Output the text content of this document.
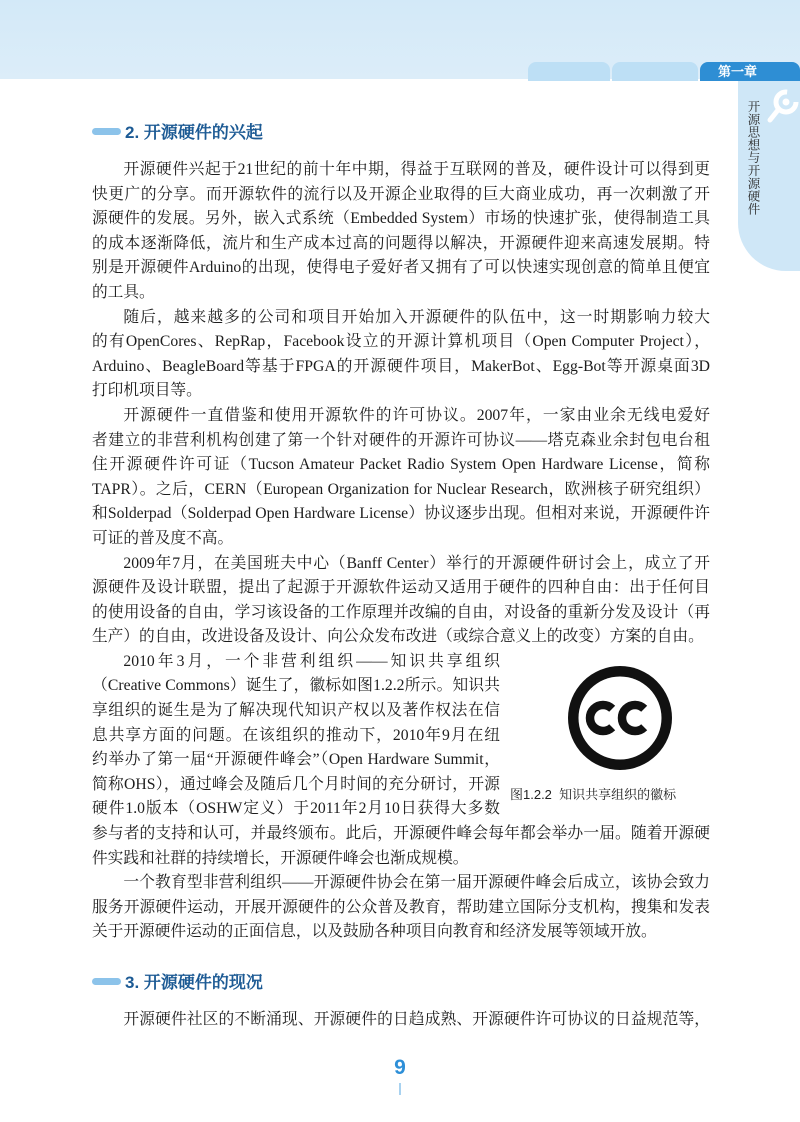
第一章
开源思想与开源硬件
2. 开源硬件的兴起

开源硬件兴起于21世纪的前十年中期，得益于互联网的普及，硬件设计可以得到更
快更广的分享。而开源软件的流行以及开源企业取得的巨大商业成功，再一次刺激了开
源硬件的发展。另外，嵌入式系统（Embedded System）市场的快速扩张，使得制造工具
的成本逐渐降低，流片和生产成本过高的问题得以解决，开源硬件迎来高速发展期。特
别是开源硬件Arduino的出现，使得电子爱好者又拥有了可以快速实现创意的简单且便宜
的工具。

随后，越来越多的公司和项目开始加入开源硬件的队伍中，这一时期影响力较大
的有OpenCores、RepRap，Facebook设立的开源计算机项目（Open Computer Project），
Arduino、BeagleBoard等基于FPGA的开源硬件项目，MakerBot、Egg-Bot等开源桌面3D
打印机项目等。

开源硬件一直借鉴和使用开源软件的许可协议。2007年，一家由业余无线电爱好
者建立的非营利机构创建了第一个针对硬件的开源许可协议——塔克森业余封包电台租
住开源硬件许可证（Tucson Amateur Packet Radio System Open Hardware License，简称
TAPR）。之后，CERN（European Organization for Nuclear Research，欧洲核子研究组织）
和Solderpad（Solderpad Open Hardware License）协议逐步出现。但相对来说，开源硬件许
可证的普及度不高。

2009年7月，在美国班夫中心（Banff Center）举行的开源硬件研讨会上，成立了开
源硬件及设计联盟，提出了起源于开源软件运动又适用于硬件的四种自由：出于任何目
的使用设备的自由，学习该设备的工作原理并改编的自由，对设备的重新分发及设计（再
生产）的自由，改进设备及设计、向公众发布改进（或综合意义上的改变）方案的自由。

2010年3月，一个非营利组织——知识共享组织
（Creative Commons）诞生了，徽标如图1.2.2所示。知识共
享组织的诞生是为了解决现代知识产权以及著作权法在信
息共享方面的问题。在该组织的推动下，2010年9月在纽
约举办了第一届“开源硬件峰会”（Open Hardware Summit，
简称OHS），通过峰会及随后几个月时间的充分研讨，开源
硬件1.0版本（OSHW定义）于2011年2月10日获得大多数
参与者的支持和认可，并最终颁布。此后，开源硬件峰会每年都会举办一届。随着开源硬
件实践和社群的持续增长，开源硬件峰会也渐成规模。

一个教育型非营利组织——开源硬件协会在第一届开源硬件峰会后成立，该协会致力
服务开源硬件运动，开展开源硬件的公众普及教育，帮助建立国际分支机构，搜集和发表
关于开源硬件运动的正面信息，以及鼓励各种项目向教育和经济发展等领域开放。

图1.2.2  知识共享组织的徽标
3. 开源硬件的现况

开源硬件社区的不断涌现、开源硬件的日趋成熟、开源硬件许可协议的日益规范等，

9
